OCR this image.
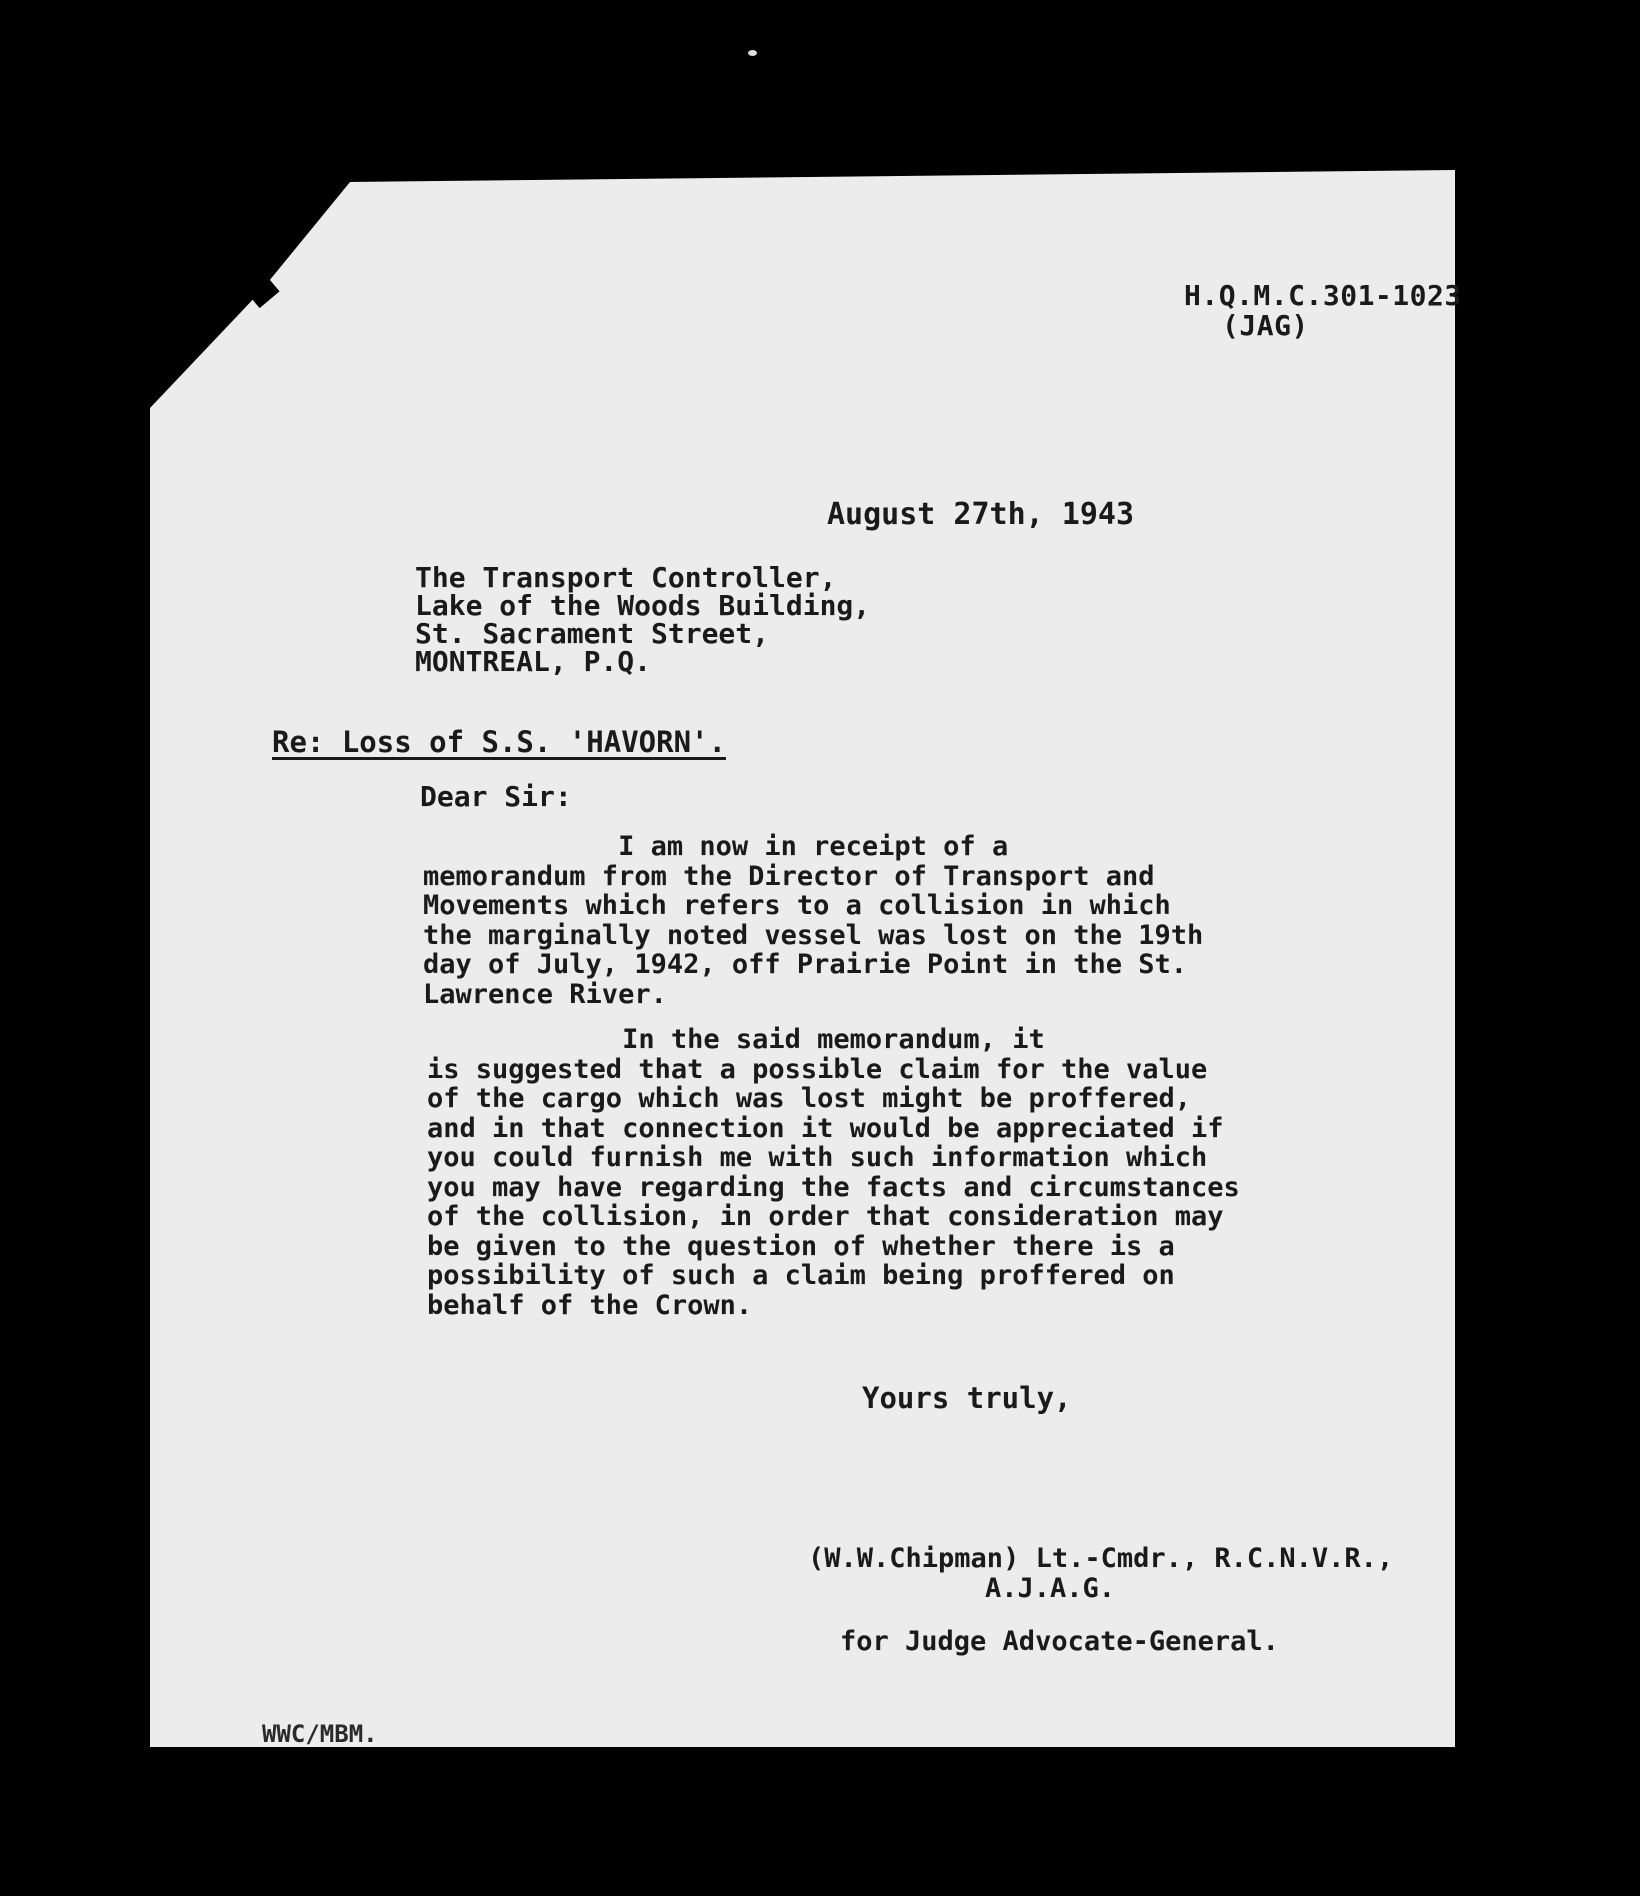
H.Q.M.C.301-1023
(JAG)
August 27th, 1943
The Transport Controller,
Lake of the Woods Building,
St. Sacrament Street,
MONTREAL, P.Q.
Re: Loss of S.S. 'HAVORN'.
Dear Sir:

I am now in receipt of a

memorandum from the Director of Transport and

Movements which refers to a collision in which

the marginally noted vessel was lost on the 19th

day of July, 1942, off Prairie Point in the St.

Lawrence River.

In the said memorandum, it

is suggested that a possible claim for the value

of the cargo which was lost might be proffered,

and in that connection it would be appreciated if

you could furnish me with such information which

you may have regarding the facts and circumstances

of the collision, in order that consideration may

be given to the question of whether there is a

possibility of such a claim being proffered on

behalf of the Crown.

Yours truly,
(W.W.Chipman) Lt.-Cmdr., R.C.N.V.R.,
A.J.A.G.
for Judge Advocate-General.
WWC/MBM.
